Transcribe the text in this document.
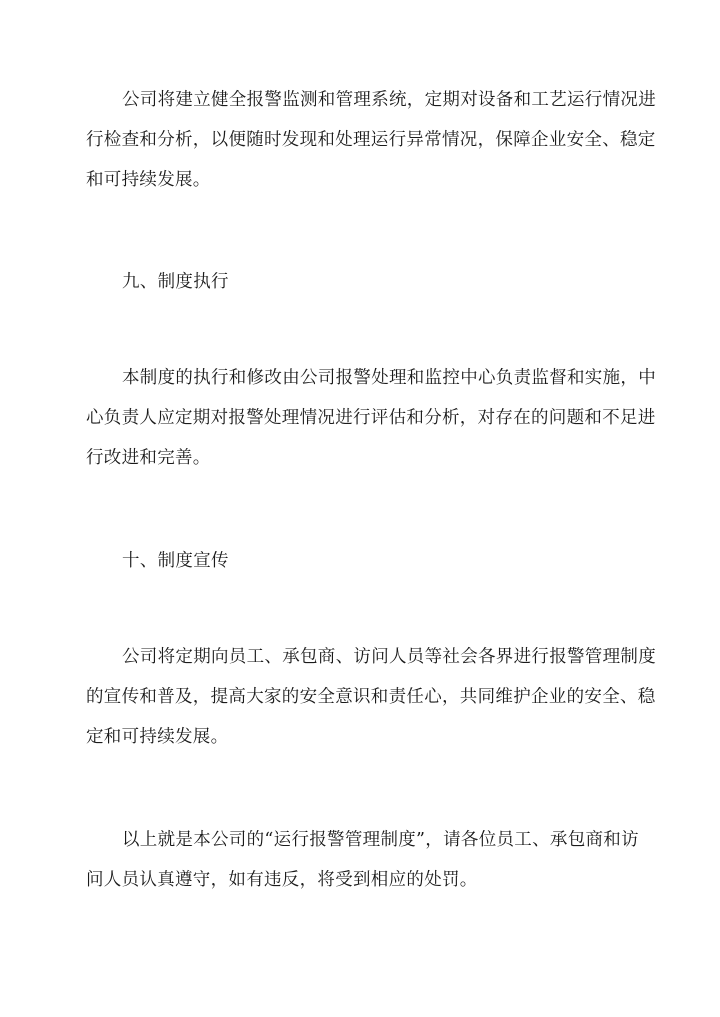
公司将建立健全报警监测和管理系统，定期对设备和工艺运行情况进
行检查和分析，以便随时发现和处理运行异常情况，保障企业安全、稳定
和可持续发展。
九、制度执行
本制度的执行和修改由公司报警处理和监控中心负责监督和实施，中
心负责人应定期对报警处理情况进行评估和分析，对存在的问题和不足进
行改进和完善。
十、制度宣传
公司将定期向员工、承包商、访问人员等社会各界进行报警管理制度
的宣传和普及，提高大家的安全意识和责任心，共同维护企业的安全、稳
定和可持续发展。
以上就是本公司的“运行报警管理制度”，请各位员工、承包商和访
问人员认真遵守，如有违反，将受到相应的处罚。
